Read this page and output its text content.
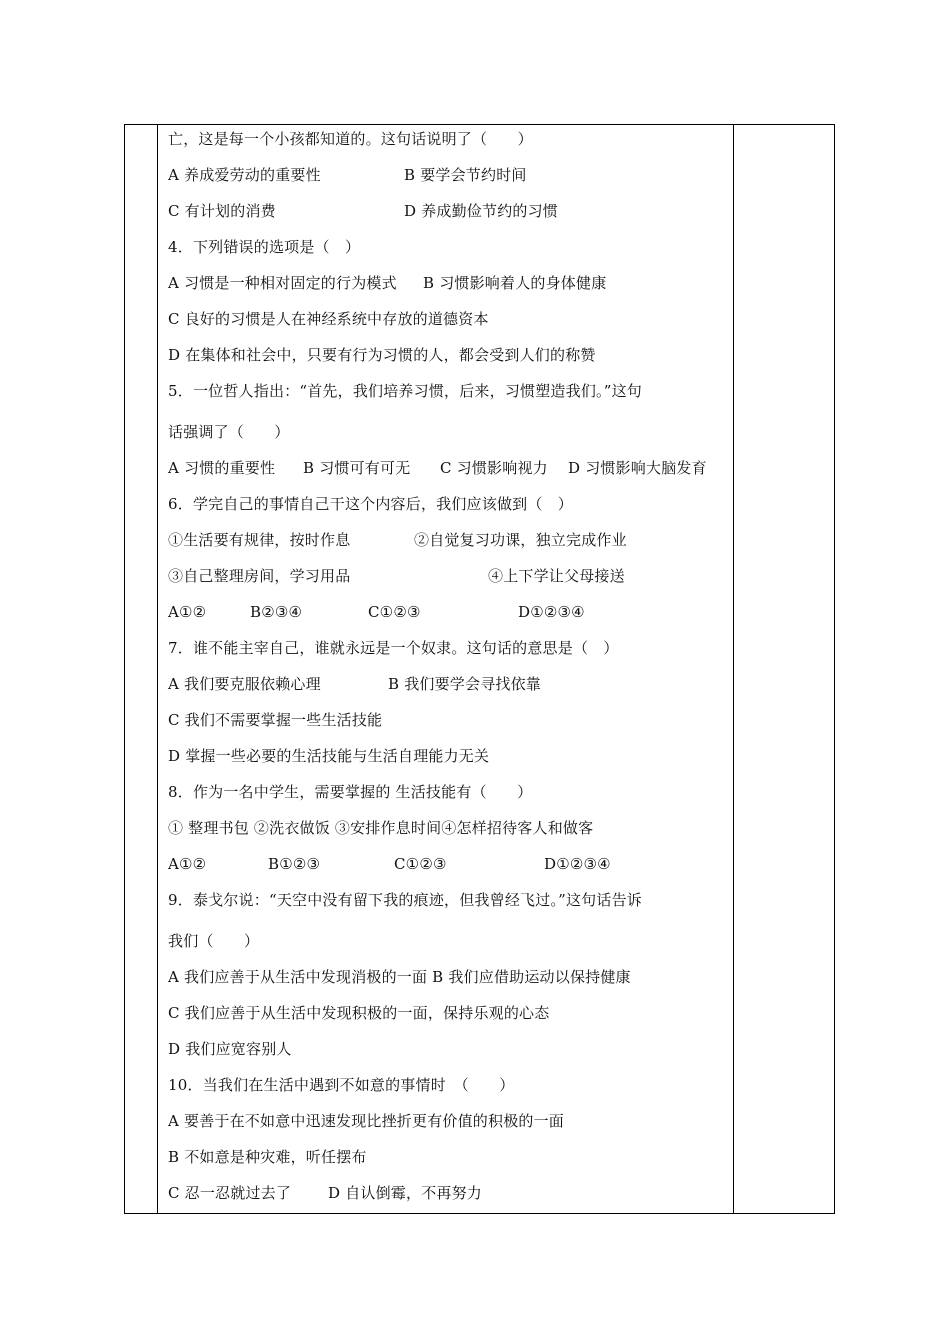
亡，这是每一个小孩都知道的。这句话说明了（　　）
A 养成爱劳动的重要性	B 要学会节约时间
C 有计划的消费	D 养成勤俭节约的习惯
4．下列错误的选项是（　）
A 习惯是一种相对固定的行为模式 B 习惯影响着人的身体健康
C 良好的习惯是人在神经系统中存放的道德资本
D 在集体和社会中，只要有行为习惯的人，都会受到人们的称赞
5．一位哲人指出：“首先，我们培养习惯，后来，习惯塑造我们。”这句
话强调了（　　）
A 习惯的重要性 B 习惯可有可无 C 习惯影响视力 D 习惯影响大脑发育
6．学完自己的事情自己干这个内容后，我们应该做到（　）
①生活要有规律，按时作息	②自觉复习功课，独立完成作业
③自己整理房间，学习用品	④上下学让父母接送
A①②	B②③④	C①②③	D①②③④
7．谁不能主宰自己，谁就永远是一个奴隶。这句话的意思是（　）
A 我们要克服依赖心理	B 我们要学会寻找依靠
C 我们不需要掌握一些生活技能
D 掌握一些必要的生活技能与生活自理能力无关
8．作为一名中学生，需要掌握的 生活技能有（　　）
① 整理书包 ②洗衣做饭 ③安排作息时间④怎样招待客人和做客
A①②	B①②③	C①②③	D①②③④
9．泰戈尔说：“天空中没有留下我的痕迹，但我曾经飞过。”这句话告诉
我们（　　）
A 我们应善于从生活中发现消极的一面 B 我们应借助运动以保持健康
C 我们应善于从生活中发现积极的一面，保持乐观的心态
D 我们应宽容别人
10．当我们在生活中遇到不如意的事情时　（　　）
A 要善于在不如意中迅速发现比挫折更有价值的积极的一面
B 不如意是种灾难，听任摆布
C 忍一忍就过去了 D 自认倒霉，不再努力
